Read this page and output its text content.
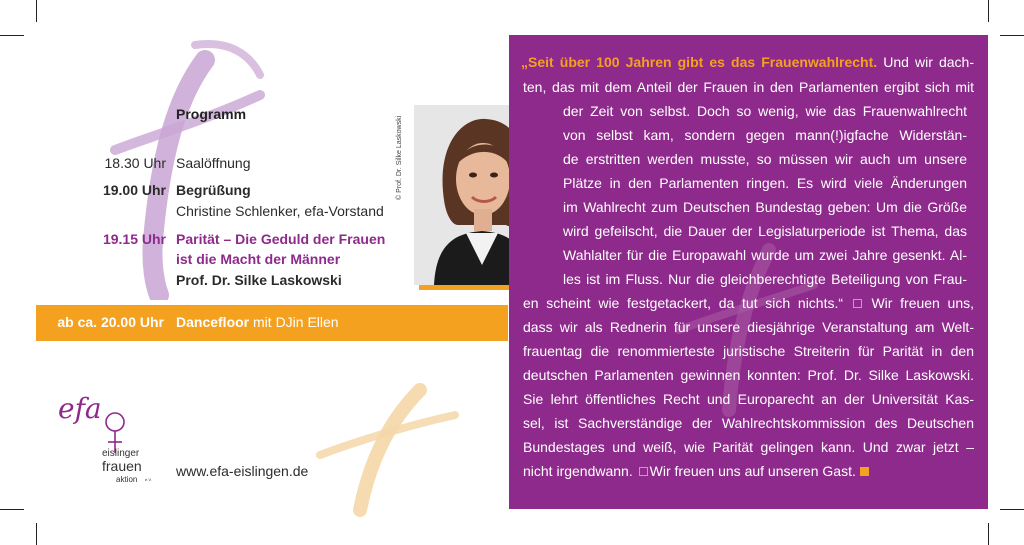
Programm
18.30 Uhr Saalöffnung
19.00 Uhr Begrüßung
Christine Schlenker, efa-Vorstand
19.15 Uhr Parität – Die Geduld der Frauen
ist die Macht der Männer
Prof. Dr. Silke Laskowski
ab ca. 20.00 Uhr Dancefloor mit DJin Ellen
© Prof. Dr. Silke Laskowski
efa
eislinger
frauen
aktion e.V.
www.efa-eislingen.de
„Seit über 100 Jahren gibt es das Frauenwahlrecht. Und wir dach-
ten, das mit dem Anteil der Frauen in den Parlamenten ergibt sich mit
der Zeit von selbst. Doch so wenig, wie das Frauenwahlrecht
von selbst kam, sondern gegen mann(!)igfache Widerstän-
de erstritten werden musste, so müssen wir auch um unsere
Plätze in den Parlamenten ringen. Es wird viele Änderungen
im Wahlrecht zum Deutschen Bundestag geben: Um die Größe
wird gefeilscht, die Dauer der Legislaturperiode ist Thema, das
Wahlalter für die Europawahl wurde um zwei Jahre gesenkt. Al-
les ist im Fluss. Nur die gleichberechtigte Beteiligung von Frau-
en scheint wie festgetackert, da tut sich nichts.“ Wir freuen uns,
dass wir als Rednerin für unsere diesjährige Veranstaltung am Welt-
frauentag die renommierteste juristische Streiterin für Parität in den
deutschen Parlamenten gewinnen konnten: Prof. Dr. Silke Laskowski.
Sie lehrt öffentliches Recht und Europarecht an der Universität Kas-
sel, ist Sachverständige der Wahlrechtskommission des Deutschen
Bundestages und weiß, wie Parität gelingen kann. Und zwar jetzt –
nicht irgendwann. Wir freuen uns auf unseren Gast.
